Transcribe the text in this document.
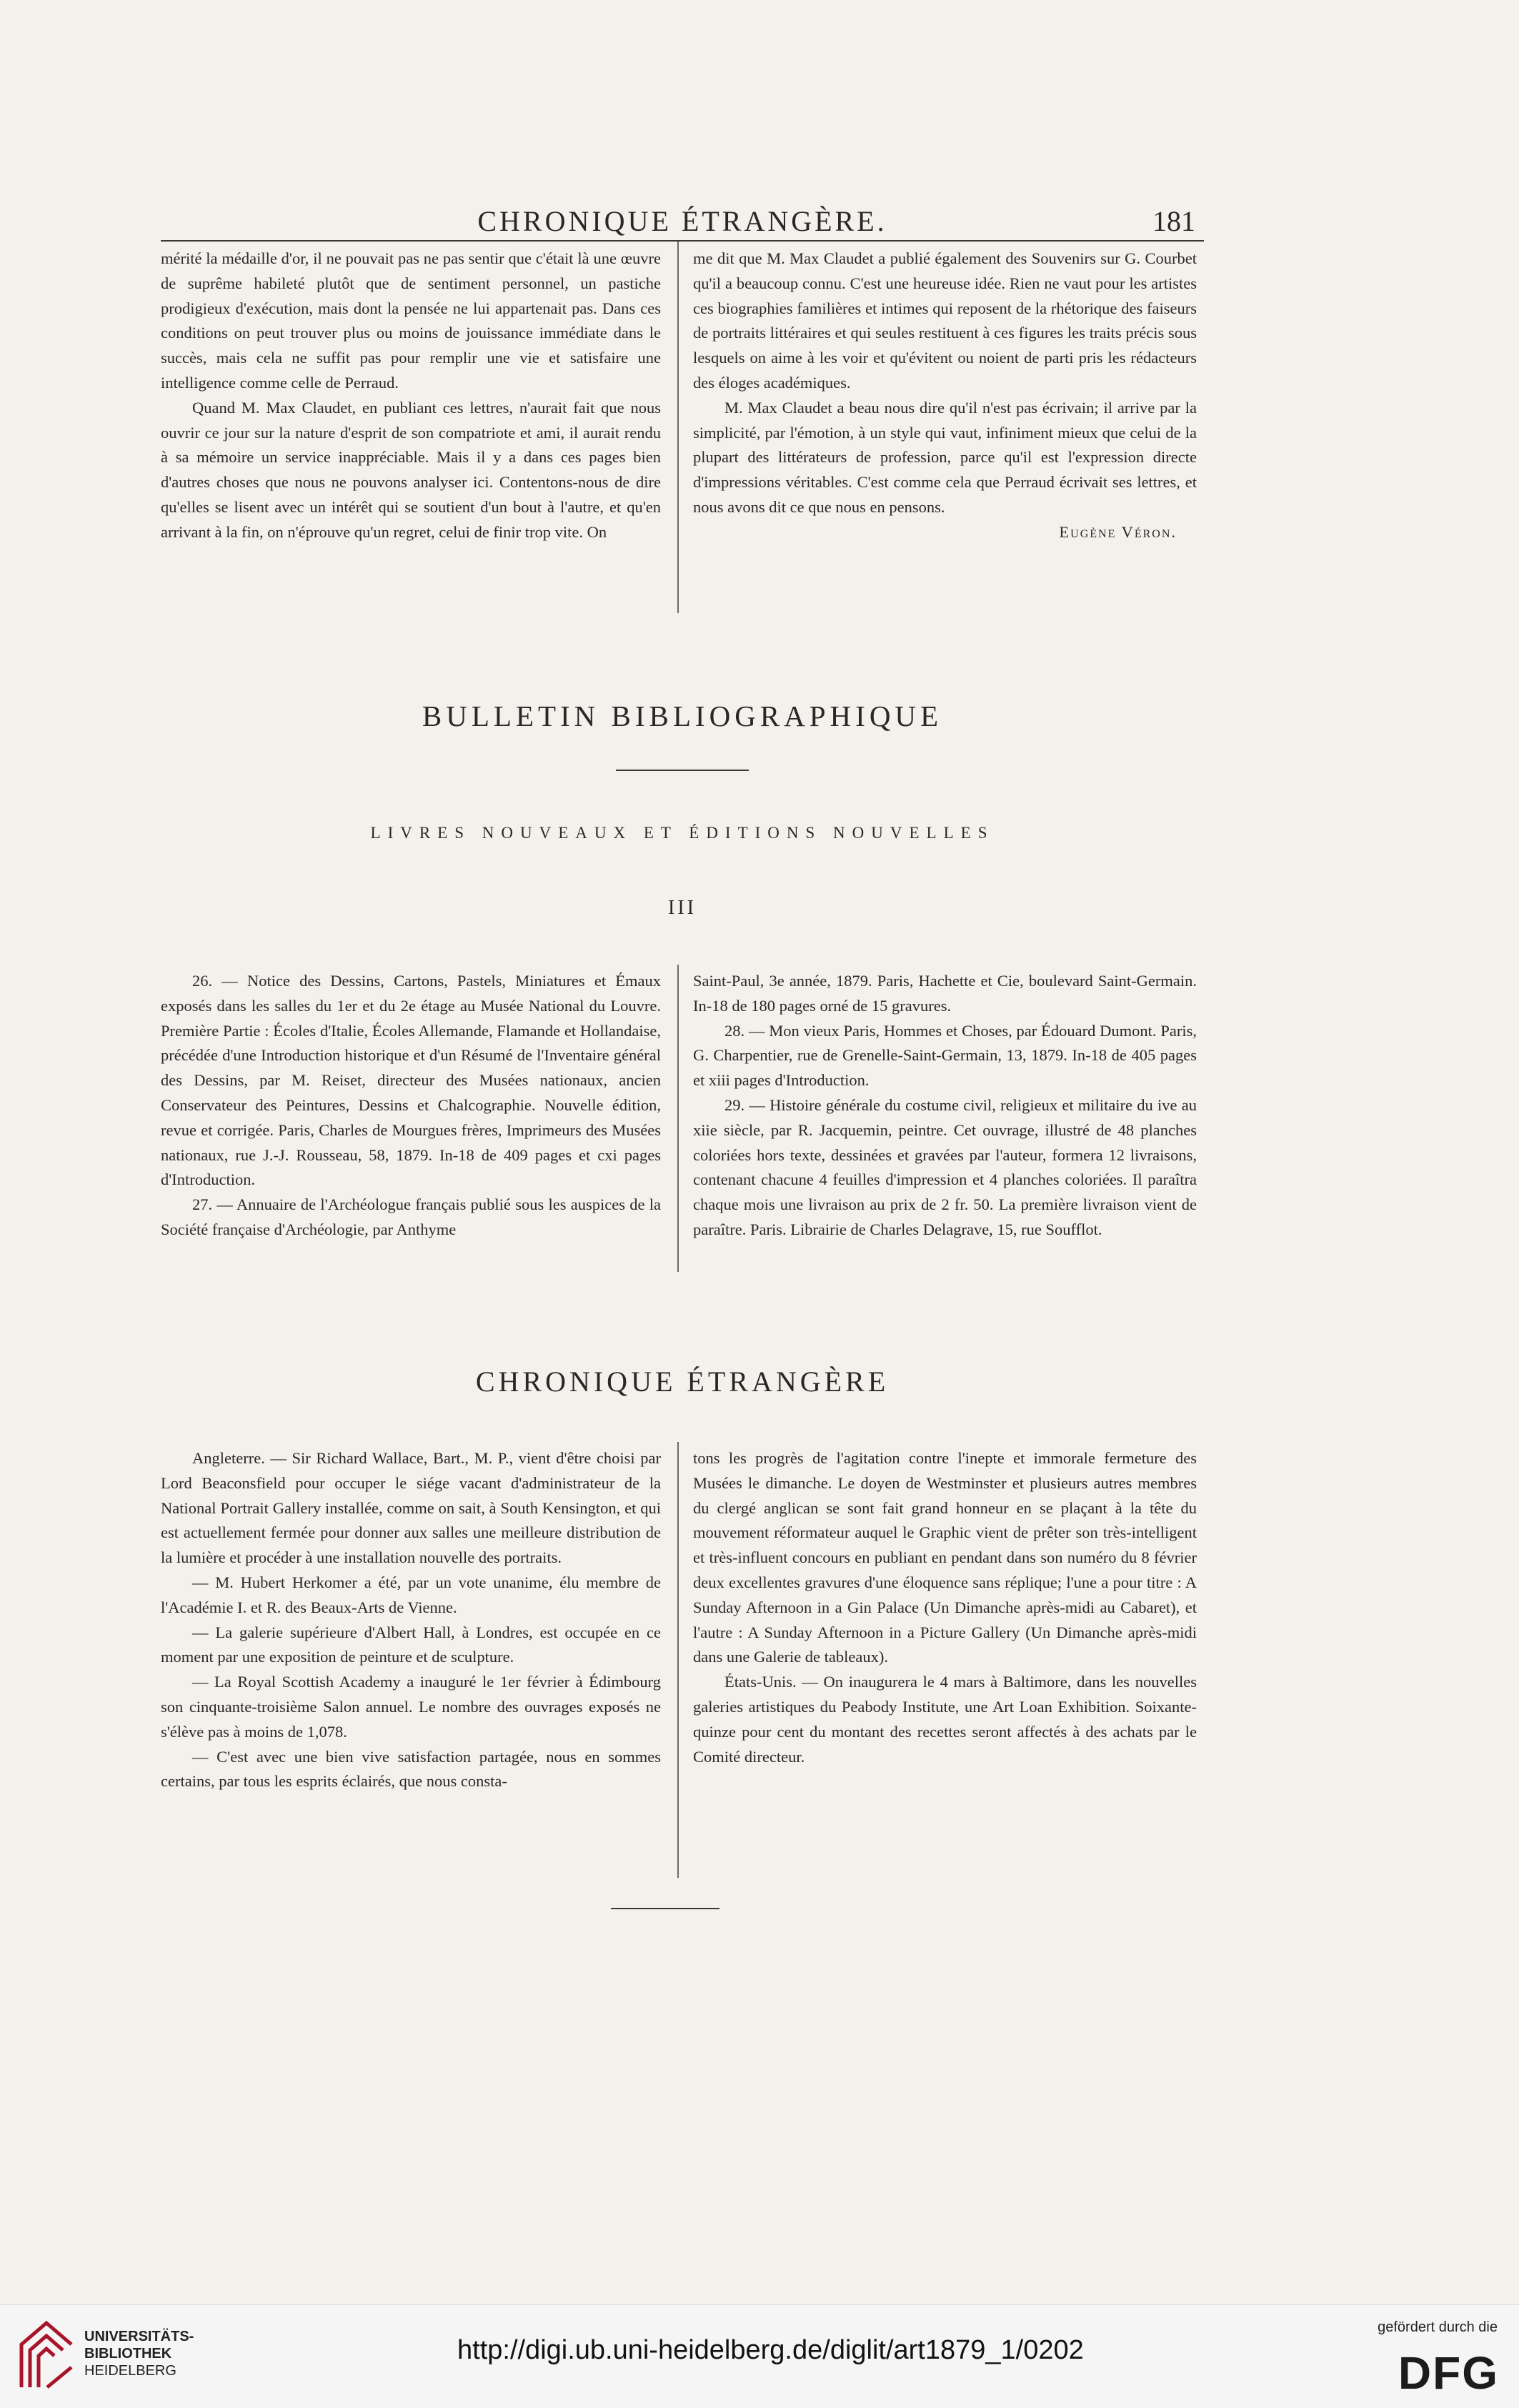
CHRONIQUE ÉTRANGÈRE.	181

mérité la médaille d'or, il ne pouvait pas ne pas sentir que c'était là une œuvre de suprême habileté plutôt que de sentiment personnel, un pastiche prodigieux d'exécution, mais dont la pensée ne lui appartenait pas. Dans ces conditions on peut trouver plus ou moins de jouissance immédiate dans le succès, mais cela ne suffit pas pour remplir une vie et satisfaire une intelligence comme celle de Perraud.

Quand M. Max Claudet, en publiant ces lettres, n'aurait fait que nous ouvrir ce jour sur la nature d'esprit de son compatriote et ami, il aurait rendu à sa mémoire un service inappréciable. Mais il y a dans ces pages bien d'autres choses que nous ne pouvons analyser ici. Contentons-nous de dire qu'elles se lisent avec un intérêt qui se soutient d'un bout à l'autre, et qu'en arrivant à la fin, on n'éprouve qu'un regret, celui de finir trop vite. On

me dit que M. Max Claudet a publié également des Souvenirs sur G. Courbet qu'il a beaucoup connu. C'est une heureuse idée. Rien ne vaut pour les artistes ces biographies familières et intimes qui reposent de la rhétorique des faiseurs de portraits littéraires et qui seules restituent à ces figures les traits précis sous lesquels on aime à les voir et qu'évitent ou noient de parti pris les rédacteurs des éloges académiques.

M. Max Claudet a beau nous dire qu'il n'est pas écrivain; il arrive par la simplicité, par l'émotion, à un style qui vaut, infiniment mieux que celui de la plupart des littérateurs de profession, parce qu'il est l'expression directe d'impressions véritables. C'est comme cela que Perraud écrivait ses lettres, et nous avons dit ce que nous en pensons.

Eugène Véron.

BULLETIN BIBLIOGRAPHIQUE
LIVRES NOUVEAUX ET ÉDITIONS NOUVELLES
III

26. — Notice des Dessins, Cartons, Pastels, Miniatures et Émaux exposés dans les salles du 1er et du 2e étage au Musée National du Louvre. Première Partie : Écoles d'Italie, Écoles Allemande, Flamande et Hollandaise, précédée d'une Introduction historique et d'un Résumé de l'Inventaire général des Dessins, par M. Reiset, directeur des Musées nationaux, ancien Conservateur des Peintures, Dessins et Chalcographie. Nouvelle édition, revue et corrigée. Paris, Charles de Mourgues frères, Imprimeurs des Musées nationaux, rue J.-J. Rousseau, 58, 1879. In-18 de 409 pages et cxi pages d'Introduction.

27. — Annuaire de l'Archéologue français publié sous les auspices de la Société française d'Archéologie, par Anthyme

Saint-Paul, 3e année, 1879. Paris, Hachette et Cie, boulevard Saint-Germain. In-18 de 180 pages orné de 15 gravures.

28. — Mon vieux Paris, Hommes et Choses, par Édouard Dumont. Paris, G. Charpentier, rue de Grenelle-Saint-Germain, 13, 1879. In-18 de 405 pages et xiii pages d'Introduction.

29. — Histoire générale du costume civil, religieux et militaire du ive au xiie siècle, par R. Jacquemin, peintre. Cet ouvrage, illustré de 48 planches coloriées hors texte, dessinées et gravées par l'auteur, formera 12 livraisons, contenant chacune 4 feuilles d'impression et 4 planches coloriées. Il paraîtra chaque mois une livraison au prix de 2 fr. 50. La première livraison vient de paraître. Paris. Librairie de Charles Delagrave, 15, rue Soufflot.

CHRONIQUE ÉTRANGÈRE

Angleterre. — Sir Richard Wallace, Bart., M. P., vient d'être choisi par Lord Beaconsfield pour occuper le siége vacant d'administrateur de la National Portrait Gallery installée, comme on sait, à South Kensington, et qui est actuellement fermée pour donner aux salles une meilleure distribution de la lumière et procéder à une installation nouvelle des portraits.

— M. Hubert Herkomer a été, par un vote unanime, élu membre de l'Académie I. et R. des Beaux-Arts de Vienne.

— La galerie supérieure d'Albert Hall, à Londres, est occupée en ce moment par une exposition de peinture et de sculpture.

— La Royal Scottish Academy a inauguré le 1er février à Édimbourg son cinquante-troisième Salon annuel. Le nombre des ouvrages exposés ne s'élève pas à moins de 1,078.

— C'est avec une bien vive satisfaction partagée, nous en sommes certains, par tous les esprits éclairés, que nous consta-

tons les progrès de l'agitation contre l'inepte et immorale fermeture des Musées le dimanche. Le doyen de Westminster et plusieurs autres membres du clergé anglican se sont fait grand honneur en se plaçant à la tête du mouvement réformateur auquel le Graphic vient de prêter son très-intelligent et très-influent concours en publiant en pendant dans son numéro du 8 février deux excellentes gravures d'une éloquence sans réplique; l'une a pour titre : A Sunday Afternoon in a Gin Palace (Un Dimanche après-midi au Cabaret), et l'autre : A Sunday Afternoon in a Picture Gallery (Un Dimanche après-midi dans une Galerie de tableaux).

États-Unis. — On inaugurera le 4 mars à Baltimore, dans les nouvelles galeries artistiques du Peabody Institute, une Art Loan Exhibition. Soixante-quinze pour cent du montant des recettes seront affectés à des achats par le Comité directeur.

UNIVERSITÄTS-
BIBLIOTHEK
HEIDELBERG
http://digi.ub.uni-heidelberg.de/diglit/art1879_1/0202
gefördert durch die
DFG
